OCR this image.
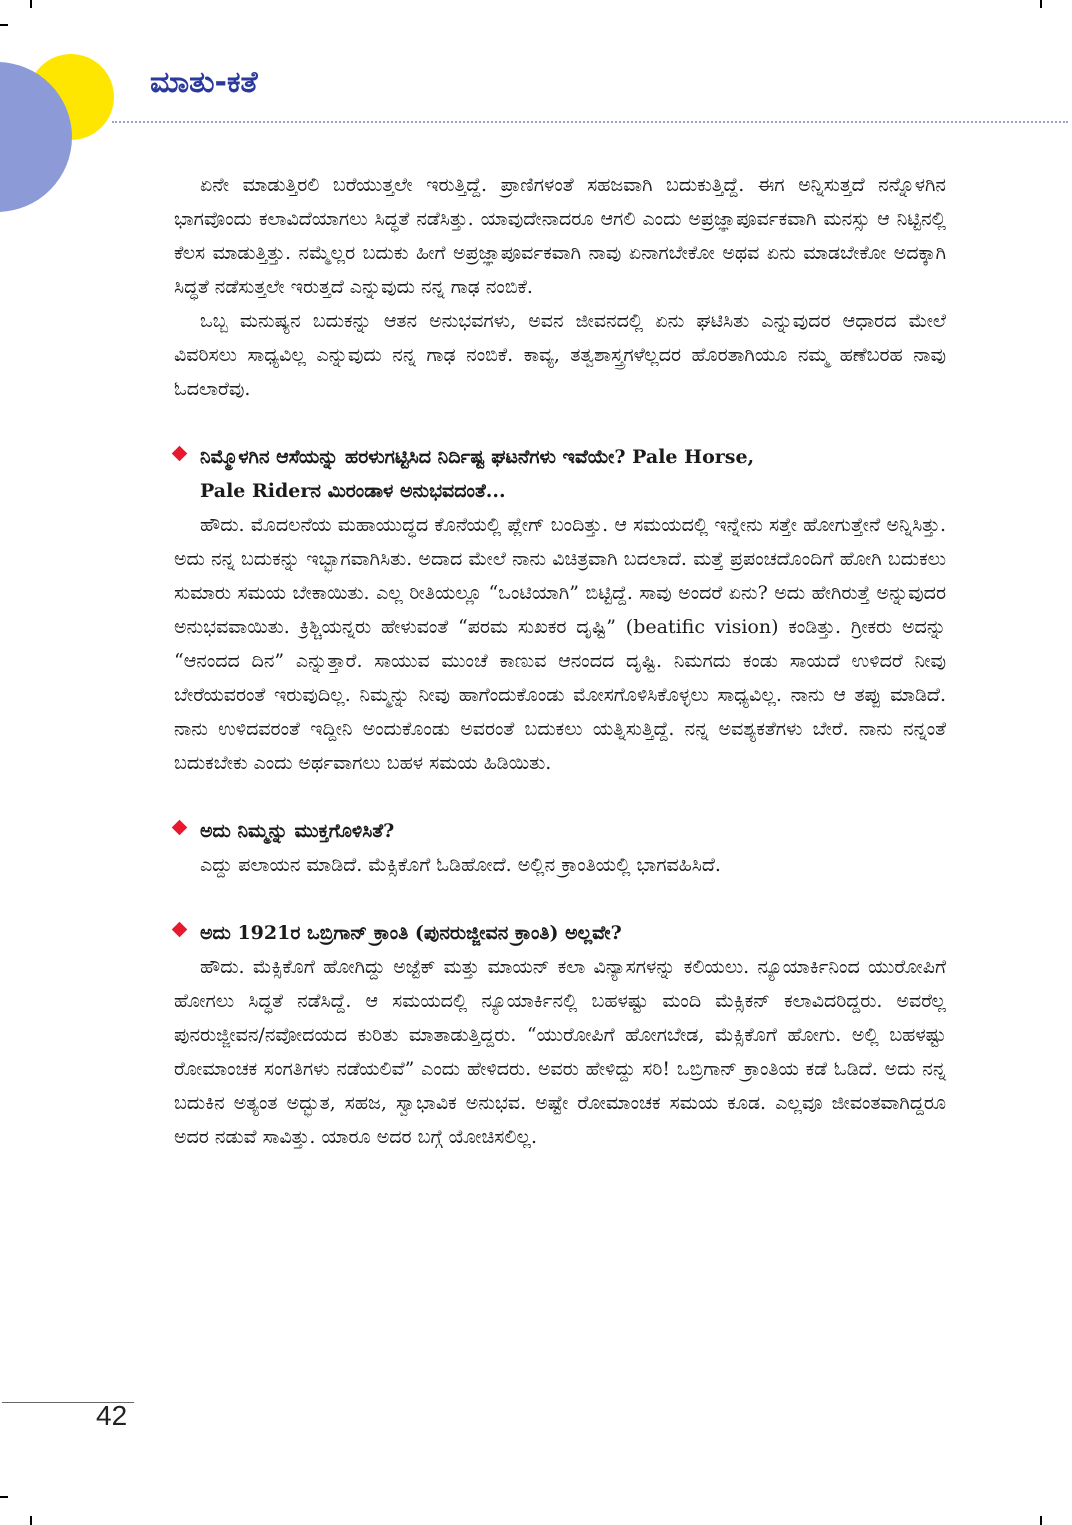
ಮಾತು-ಕತೆ

ಏನೇ ಮಾಡುತ್ತಿರಲಿ ಬರೆಯುತ್ತಲೇ ಇರುತ್ತಿದ್ದೆ. ಪ್ರಾಣಿಗಳಂತೆ ಸಹಜವಾಗಿ ಬದುಕುತ್ತಿದ್ದೆ. ಈಗ ಅನ್ನಿಸುತ್ತದೆ ನನ್ನೊಳಗಿನ ಭಾಗವೊಂದು ಕಲಾವಿದೆಯಾಗಲು ಸಿದ್ಧತೆ ನಡೆಸಿತ್ತು. ಯಾವುದೇನಾದರೂ ಆಗಲಿ ಎಂದು ಅಪ್ರಜ್ಞಾಪೂರ್ವಕವಾಗಿ ಮನಸ್ಸು ಆ ನಿಟ್ಟಿನಲ್ಲಿ ಕೆಲಸ ಮಾಡುತ್ತಿತ್ತು. ನಮ್ಮೆಲ್ಲರ ಬದುಕು ಹೀಗೆ ಅಪ್ರಜ್ಞಾಪೂರ್ವಕವಾಗಿ ನಾವು ಏನಾಗಬೇಕೋ ಅಥವ ಏನು ಮಾಡಬೇಕೋ ಅದಕ್ಕಾಗಿ ಸಿದ್ಧತೆ ನಡೆಸುತ್ತಲೇ ಇರುತ್ತದೆ ಎನ್ನುವುದು ನನ್ನ ಗಾಢ ನಂಬಿಕೆ.

ಒಬ್ಬ ಮನುಷ್ಯನ ಬದುಕನ್ನು ಆತನ ಅನುಭವಗಳು, ಅವನ ಜೀವನದಲ್ಲಿ ಏನು ಘಟಿಸಿತು ಎನ್ನುವುದರ ಆಧಾರದ ಮೇಲೆ ವಿವರಿಸಲು ಸಾಧ್ಯವಿಲ್ಲ ಎನ್ನುವುದು ನನ್ನ ಗಾಢ ನಂಬಿಕೆ. ಕಾವ್ಯ, ತತ್ವಶಾಸ್ತ್ರಗಳೆಲ್ಲದರ ಹೊರತಾಗಿಯೂ ನಮ್ಮ ಹಣೆಬರಹ ನಾವು ಓದಲಾರೆವು.

ನಿಮ್ಮೊಳಗಿನ ಆಸೆಯನ್ನು ಹರಳುಗಟ್ಟಿಸಿದ ನಿರ್ದಿಷ್ಟ ಘಟನೆಗಳು ಇವೆಯೇ? Pale Horse,
Pale Riderನ ಮಿರಂಡಾಳ ಅನುಭವದಂತೆ...

ಹೌದು. ಮೊದಲನೆಯ ಮಹಾಯುದ್ಧದ ಕೊನೆಯಲ್ಲಿ ಪ್ಲೇಗ್ ಬಂದಿತ್ತು. ಆ ಸಮಯದಲ್ಲಿ ಇನ್ನೇನು ಸತ್ತೇ ಹೋಗುತ್ತೇನೆ ಅನ್ನಿಸಿತ್ತು. ಅದು ನನ್ನ ಬದುಕನ್ನು ಇಬ್ಭಾಗವಾಗಿಸಿತು. ಅದಾದ ಮೇಲೆ ನಾನು ವಿಚಿತ್ರವಾಗಿ ಬದಲಾದೆ. ಮತ್ತೆ ಪ್ರಪಂಚದೊಂದಿಗೆ ಹೋಗಿ ಬದುಕಲು ಸುಮಾರು ಸಮಯ ಬೇಕಾಯಿತು. ಎಲ್ಲ ರೀತಿಯಲ್ಲೂ “ಒಂಟಿಯಾಗಿ” ಬಿಟ್ಟಿದ್ದೆ. ಸಾವು ಅಂದರೆ ಏನು? ಅದು ಹೇಗಿರುತ್ತೆ ಅನ್ನುವುದರ ಅನುಭವವಾಯಿತು. ಕ್ರಿಶ್ಚಿಯನ್ನರು ಹೇಳುವಂತೆ “ಪರಮ ಸುಖಕರ ದೃಷ್ಟಿ” (beatific vision) ಕಂಡಿತ್ತು. ಗ್ರೀಕರು ಅದನ್ನು “ಆನಂದದ ದಿನ” ಎನ್ನುತ್ತಾರೆ. ಸಾಯುವ ಮುಂಚೆ ಕಾಣುವ ಆನಂದದ ದೃಷ್ಟಿ. ನಿಮಗದು ಕಂಡು ಸಾಯದೆ ಉಳಿದರೆ ನೀವು ಬೇರೆಯವರಂತೆ ಇರುವುದಿಲ್ಲ. ನಿಮ್ಮನ್ನು ನೀವು ಹಾಗೆಂದುಕೊಂಡು ಮೋಸಗೊಳಿಸಿಕೊಳ್ಳಲು ಸಾಧ್ಯವಿಲ್ಲ. ನಾನು ಆ ತಪ್ಪು ಮಾಡಿದೆ. ನಾನು ಉಳಿದವರಂತೆ ಇದ್ದೀನಿ ಅಂದುಕೊಂಡು ಅವರಂತೆ ಬದುಕಲು ಯತ್ನಿಸುತ್ತಿದ್ದೆ. ನನ್ನ ಅವಶ್ಯಕತೆಗಳು ಬೇರೆ. ನಾನು ನನ್ನಂತೆ ಬದುಕಬೇಕು ಎಂದು ಅರ್ಥವಾಗಲು ಬಹಳ ಸಮಯ ಹಿಡಿಯಿತು.

ಅದು ನಿಮ್ಮನ್ನು ಮುಕ್ತಗೊಳಿಸಿತೆ?

ಎದ್ದು ಪಲಾಯನ ಮಾಡಿದೆ. ಮೆಕ್ಸಿಕೊಗೆ ಓಡಿಹೋದೆ. ಅಲ್ಲಿನ ಕ್ರಾಂತಿಯಲ್ಲಿ ಭಾಗವಹಿಸಿದೆ.

ಅದು 1921ರ ಒಬ್ರಿಗಾನ್ ಕ್ರಾಂತಿ (ಪುನರುಜ್ಜೀವನ ಕ್ರಾಂತಿ) ಅಲ್ಲವೇ?

ಹೌದು. ಮೆಕ್ಸಿಕೊಗೆ ಹೋಗಿದ್ದು ಅಜ್ಟೆಕ್ ಮತ್ತು ಮಾಯನ್ ಕಲಾ ವಿನ್ಯಾಸಗಳನ್ನು ಕಲಿಯಲು. ನ್ಯೂಯಾರ್ಕಿನಿಂದ ಯುರೋಪಿಗೆ ಹೋಗಲು ಸಿದ್ಧತೆ ನಡೆಸಿದ್ದೆ. ಆ ಸಮಯದಲ್ಲಿ ನ್ಯೂಯಾರ್ಕಿನಲ್ಲಿ ಬಹಳಷ್ಟು ಮಂದಿ ಮೆಕ್ಸಿಕನ್ ಕಲಾವಿದರಿದ್ದರು. ಅವರೆಲ್ಲ ಪುನರುಜ್ಜೀವನ/ನವೋದಯದ ಕುರಿತು ಮಾತಾಡುತ್ತಿದ್ದರು. “ಯುರೋಪಿಗೆ ಹೋಗಬೇಡ, ಮೆಕ್ಸಿಕೊಗೆ ಹೋಗು. ಅಲ್ಲಿ ಬಹಳಷ್ಟು ರೋಮಾಂಚಕ ಸಂಗತಿಗಳು ನಡೆಯಲಿವೆ” ಎಂದು ಹೇಳಿದರು. ಅವರು ಹೇಳಿದ್ದು ಸರಿ! ಒಬ್ರಿಗಾನ್ ಕ್ರಾಂತಿಯ ಕಡೆ ಓಡಿದೆ. ಅದು ನನ್ನ ಬದುಕಿನ ಅತ್ಯಂತ ಅದ್ಭುತ, ಸಹಜ, ಸ್ವಾಭಾವಿಕ ಅನುಭವ. ಅಷ್ಟೇ ರೋಮಾಂಚಕ ಸಮಯ ಕೂಡ. ಎಲ್ಲವೂ ಜೀವಂತವಾಗಿದ್ದರೂ ಅದರ ನಡುವೆ ಸಾವಿತ್ತು. ಯಾರೂ ಅದರ ಬಗ್ಗೆ ಯೋಚಿಸಲಿಲ್ಲ.

42
